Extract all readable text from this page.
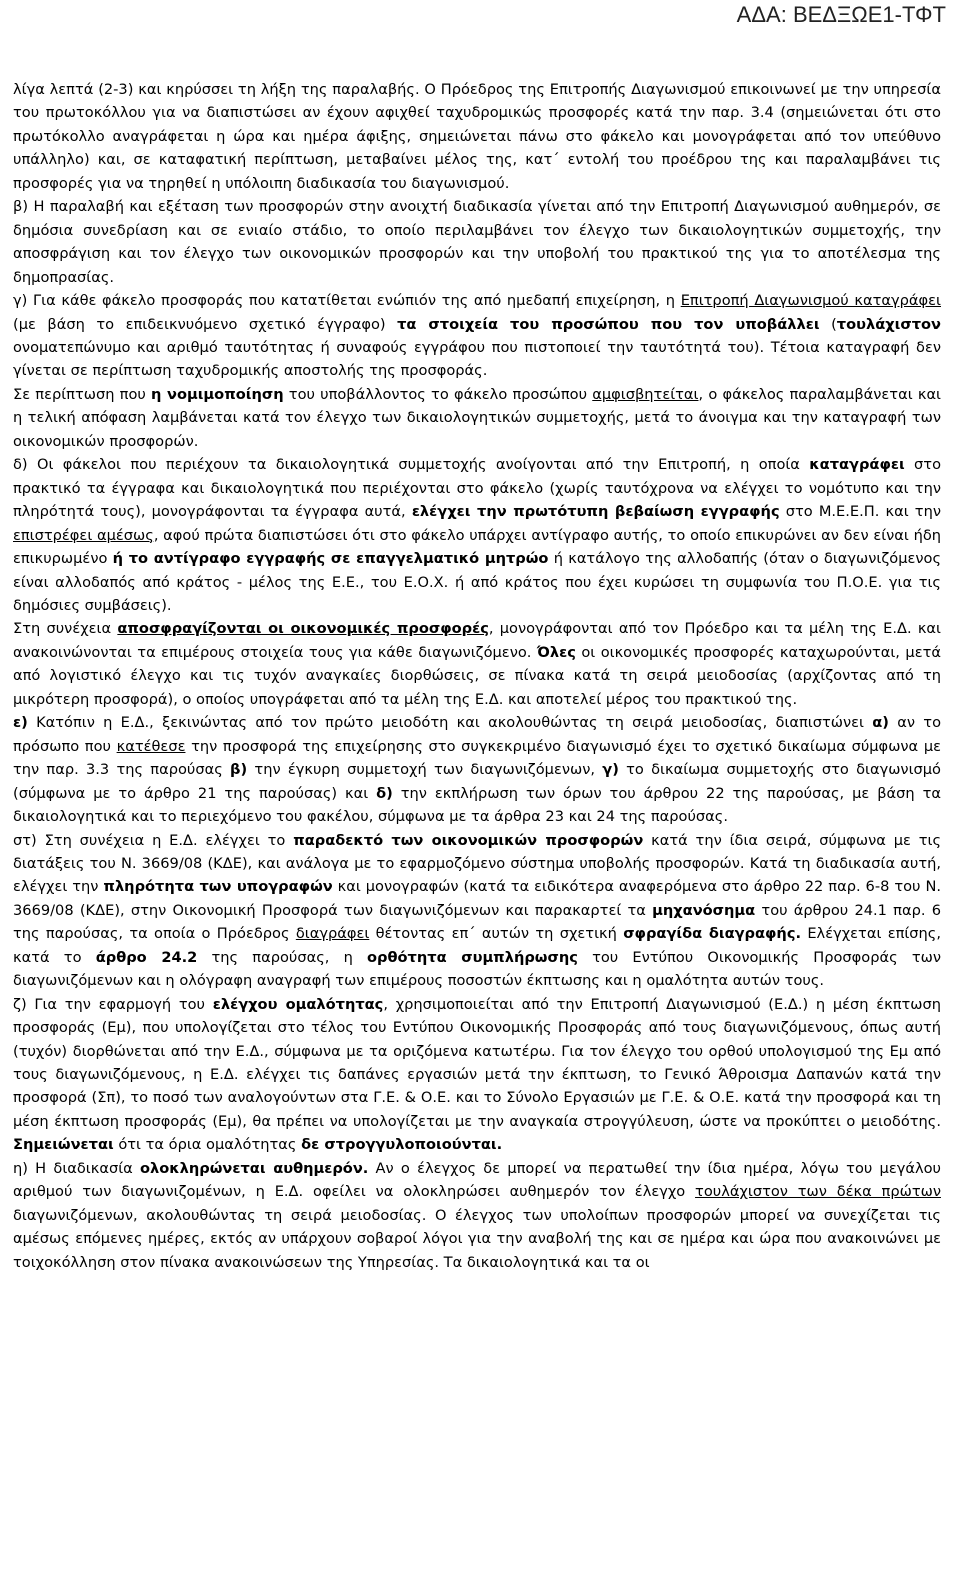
ΑΔΑ: ΒΕΔΞΩΕ1-ΤΦΤ

λίγα λεπτά (2-3) και κηρύσσει τη λήξη της παραλαβής. Ο Πρόεδρος της Επιτροπής Διαγωνισμού επικοινωνεί με την υπηρεσία του πρωτοκόλλου για να διαπιστώσει αν έχουν αφιχθεί ταχυδρομικώς προσφορές κατά την παρ. 3.4 (σημειώνεται ότι στο πρωτόκολλο αναγράφεται η ώρα και ημέρα άφιξης, σημειώνεται πάνω στο φάκελο και μονογράφεται από τον υπεύθυνο υπάλληλο) και, σε καταφατική περίπτωση, μεταβαίνει μέλος της, κατ΄ εντολή του προέδρου της και παραλαμβάνει τις προσφορές για να τηρηθεί η υπόλοιπη διαδικασία του διαγωνισμού.

β) Η παραλαβή και εξέταση των προσφορών στην ανοιχτή διαδικασία γίνεται από την Επιτροπή Διαγωνισμού αυθημερόν, σε δημόσια συνεδρίαση και σε ενιαίο στάδιο, το οποίο περιλαμβάνει τον έλεγχο των δικαιολογητικών συμμετοχής, την αποσφράγιση και τον έλεγχο των οικονομικών προσφορών και την υποβολή του πρακτικού της για το αποτέλεσμα της δημοπρασίας.

γ) Για κάθε φάκελο προσφοράς που κατατίθεται ενώπιόν της από ημεδαπή επιχείρηση, η Επιτροπή Διαγωνισμού καταγράφει (με βάση το επιδεικνυόμενο σχετικό έγγραφο) τα στοιχεία του προσώπου που τον υποβάλλει (τουλάχιστον ονοματεπώνυμο και αριθμό ταυτότητας ή συναφούς εγγράφου που πιστοποιεί την ταυτότητά του). Τέτοια καταγραφή δεν γίνεται σε περίπτωση ταχυδρομικής αποστολής της προσφοράς.

Σε περίπτωση που η νομιμοποίηση του υποβάλλοντος το φάκελο προσώπου αμφισβητείται, ο φάκελος παραλαμβάνεται και η τελική απόφαση λαμβάνεται κατά τον έλεγχο των δικαιολογητικών συμμετοχής, μετά το άνοιγμα και την καταγραφή των οικονομικών προσφορών.

δ) Οι φάκελοι που περιέχουν τα δικαιολογητικά συμμετοχής ανοίγονται από την Επιτροπή, η οποία καταγράφει στο πρακτικό τα έγγραφα και δικαιολογητικά που περιέχονται στο φάκελο (χωρίς ταυτόχρονα να ελέγχει το νομότυπο και την πληρότητά τους), μονογράφονται τα έγγραφα αυτά, ελέγχει την πρωτότυπη βεβαίωση εγγραφής στο Μ.Ε.Ε.Π. και την επιστρέφει αμέσως, αφού πρώτα διαπιστώσει ότι στο φάκελο υπάρχει αντίγραφο αυτής, το οποίο επικυρώνει αν δεν είναι ήδη επικυρωμένο ή το αντίγραφο εγγραφής σε επαγγελματικό μητρώο ή κατάλογο της αλλοδαπής (όταν ο διαγωνιζόμενος είναι αλλοδαπός από κράτος - μέλος της Ε.Ε., του Ε.Ο.Χ. ή από κράτος που έχει κυρώσει τη συμφωνία του Π.Ο.Ε. για τις δημόσιες συμβάσεις).

Στη συνέχεια αποσφραγίζονται οι οικονομικές προσφορές, μονογράφονται από τον Πρόεδρο και τα μέλη της Ε.Δ. και ανακοινώνονται τα επιμέρους στοιχεία τους για κάθε διαγωνιζόμενο. Όλες οι οικονομικές προσφορές καταχωρούνται, μετά από λογιστικό έλεγχο και τις τυχόν αναγκαίες διορθώσεις, σε πίνακα κατά τη σειρά μειοδοσίας (αρχίζοντας από τη μικρότερη προσφορά), ο οποίος υπογράφεται από τα μέλη της Ε.Δ. και αποτελεί μέρος του πρακτικού της.

ε) Κατόπιν η Ε.Δ., ξεκινώντας από τον πρώτο μειοδότη και ακολουθώντας τη σειρά μειοδοσίας, διαπιστώνει α) αν το πρόσωπο που κατέθεσε την προσφορά της επιχείρησης στο συγκεκριμένο διαγωνισμό έχει το σχετικό δικαίωμα σύμφωνα με την παρ. 3.3 της παρούσας β) την έγκυρη συμμετοχή των διαγωνιζόμενων, γ) το δικαίωμα συμμετοχής στο διαγωνισμό (σύμφωνα με το άρθρο 21 της παρούσας) και δ) την εκπλήρωση των όρων του άρθρου 22 της παρούσας, με βάση τα δικαιολογητικά και το περιεχόμενο του φακέλου, σύμφωνα με τα άρθρα 23 και 24 της παρούσας.

στ) Στη συνέχεια η Ε.Δ. ελέγχει το παραδεκτό των οικονομικών προσφορών κατά την ίδια σειρά, σύμφωνα με τις διατάξεις του Ν. 3669/08 (ΚΔΕ), και ανάλογα με το εφαρμοζόμενο σύστημα υποβολής προσφορών. Κατά τη διαδικασία αυτή, ελέγχει την πληρότητα των υπογραφών και μονογραφών (κατά τα ειδικότερα αναφερόμενα στο άρθρο 22 παρ. 6-8 του Ν. 3669/08 (ΚΔΕ), στην Οικονομική Προσφορά των διαγωνιζόμενων και παρακαρτεί τα μηχανόσημα του άρθρου 24.1 παρ. 6 της παρούσας, τα οποία ο Πρόεδρος διαγράφει θέτοντας επ΄ αυτών τη σχετική σφραγίδα διαγραφής. Ελέγχεται επίσης, κατά το άρθρο 24.2 της παρούσας, η ορθότητα συμπλήρωσης του Εντύπου Οικονομικής Προσφοράς των διαγωνιζόμενων και η ολόγραφη αναγραφή των επιμέρους ποσοστών έκπτωσης και η ομαλότητα αυτών τους.

ζ) Για την εφαρμογή του ελέγχου ομαλότητας, χρησιμοποιείται από την Επιτροπή Διαγωνισμού (Ε.Δ.) η μέση έκπτωση προσφοράς (Εμ), που υπολογίζεται στο τέλος του Εντύπου Οικονομικής Προσφοράς από τους διαγωνιζόμενους, όπως αυτή (τυχόν) διορθώνεται από την Ε.Δ., σύμφωνα με τα οριζόμενα κατωτέρω. Για τον έλεγχο του ορθού υπολογισμού της Εμ από τους διαγωνιζόμενους, η Ε.Δ. ελέγχει τις δαπάνες εργασιών μετά την έκπτωση, το Γενικό Άθροισμα Δαπανών κατά την προσφορά (Σπ), το ποσό των αναλογούντων στα Γ.Ε. & Ο.Ε. και το Σύνολο Εργασιών με Γ.Ε. & Ο.Ε. κατά την προσφορά και τη μέση έκπτωση προσφοράς (Εμ), θα πρέπει να υπολογίζεται με την αναγκαία στρογγύλευση, ώστε να προκύπτει ο μειοδότης. Σημειώνεται ότι τα όρια ομαλότητας δε στρογγυλοποιούνται.

η) Η διαδικασία ολοκληρώνεται αυθημερόν. Αν ο έλεγχος δε μπορεί να περατωθεί την ίδια ημέρα, λόγω του μεγάλου αριθμού των διαγωνιζομένων, η Ε.Δ. οφείλει να ολοκληρώσει αυθημερόν τον έλεγχο τουλάχιστον των δέκα πρώτων διαγωνιζόμενων, ακολουθώντας τη σειρά μειοδοσίας. Ο έλεγχος των υπολοίπων προσφορών μπορεί να συνεχίζεται τις αμέσως επόμενες ημέρες, εκτός αν υπάρχουν σοβαροί λόγοι για την αναβολή της και σε ημέρα και ώρα που ανακοινώνει με τοιχοκόλληση στον πίνακα ανακοινώσεων της Υπηρεσίας. Τα δικαιολογητικά και τα οι
